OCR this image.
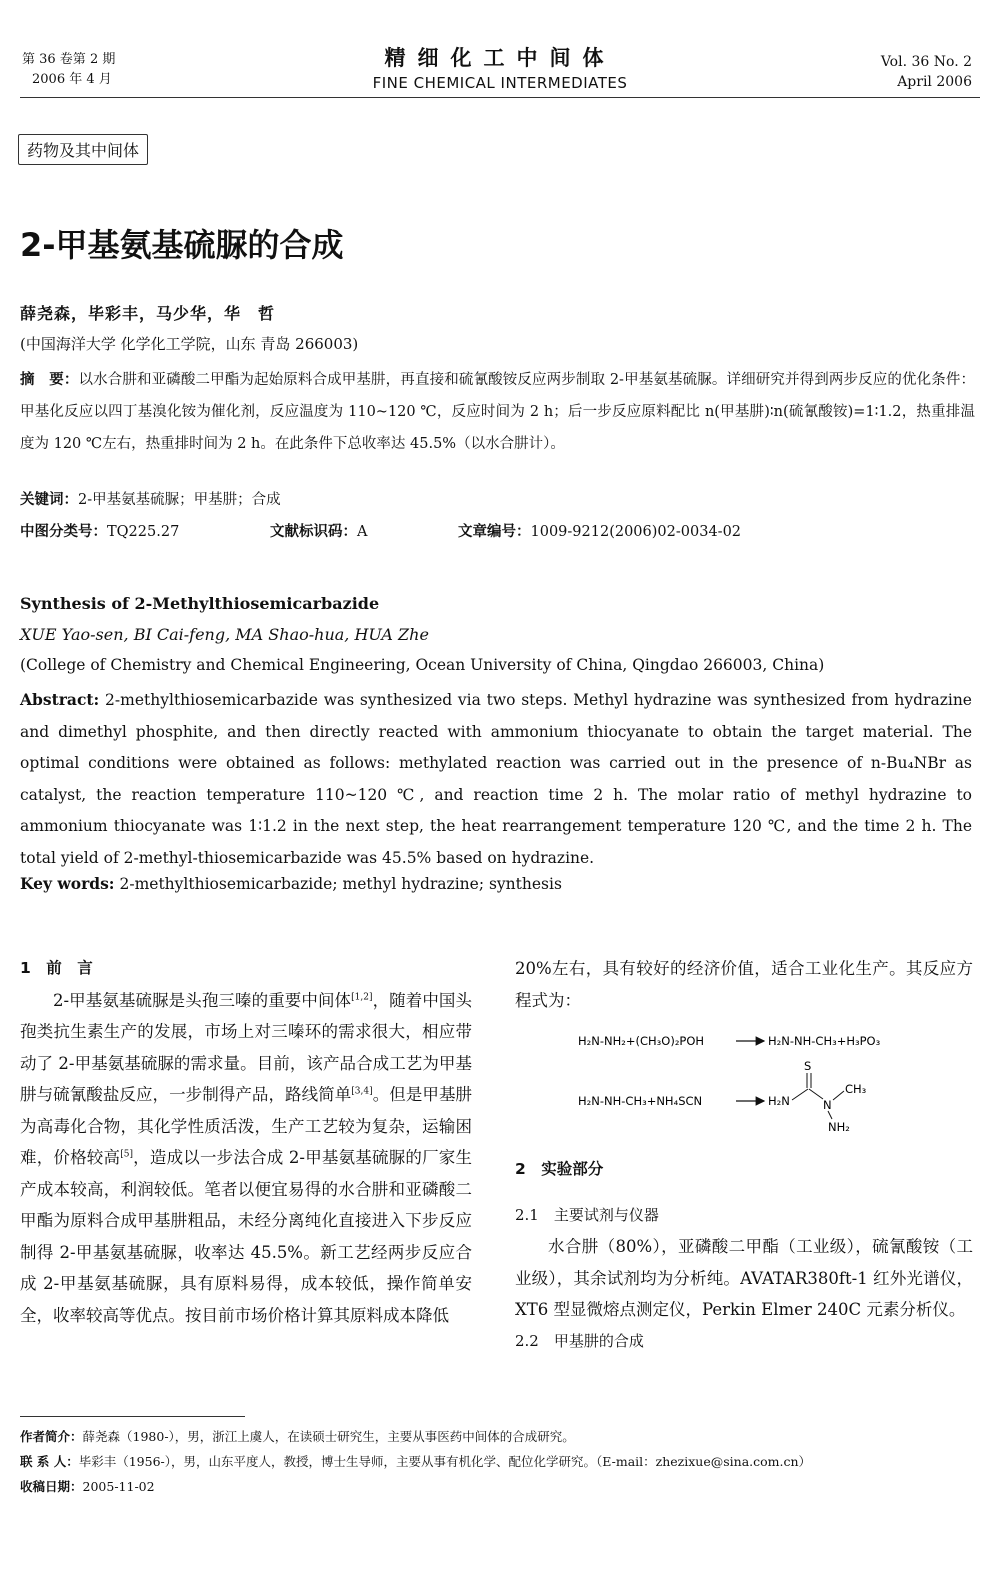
第 36 卷第 2 期
2006 年 4 月
精细化工中间体
FINE CHEMICAL INTERMEDIATES
Vol. 36 No. 2
April 2006
药物及其中间体
2-甲基氨基硫脲的合成
薛尧森，毕彩丰，马少华，华　哲
(中国海洋大学 化学化工学院，山东 青岛 266003)
摘　要：以水合肼和亚磷酸二甲酯为起始原料合成甲基肼，再直接和硫氰酸铵反应两步制取 2-甲基氨基硫脲。详细研究并得到两步反应的优化条件：甲基化反应以四丁基溴化铵为催化剂，反应温度为 110~120 ℃，反应时间为 2 h；后一步反应原料配比 n(甲基肼)∶n(硫氰酸铵)=1∶1.2，热重排温度为 120 ℃左右，热重排时间为 2 h。在此条件下总收率达 45.5%（以水合肼计）。
关键词：2-甲基氨基硫脲；甲基肼；合成
中图分类号：TQ225.27	文献标识码：A	文章编号：1009-9212(2006)02-0034-02
Synthesis of 2-Methylthiosemicarbazide
XUE Yao-sen, BI Cai-feng, MA Shao-hua, HUA Zhe
(College of Chemistry and Chemical Engineering, Ocean University of China, Qingdao 266003, China)
Abstract: 2-methylthiosemicarbazide was synthesized via two steps. Methyl hydrazine was synthesized from hydrazine and dimethyl phosphite, and then directly reacted with ammonium thiocyanate to obtain the target material. The optimal conditions were obtained as follows: methylated reaction was carried out in the presence of n-Bu₄NBr as catalyst, the reaction temperature 110~120 ℃, and reaction time 2 h. The molar ratio of methyl hydrazine to ammonium thiocyanate was 1∶1.2 in the next step, the heat rearrangement temperature 120 ℃, and the time 2 h. The total yield of 2-methyl-thiosemicarbazide was 45.5% based on hydrazine.
Key words: 2-methylthiosemicarbazide; methyl hydrazine; synthesis
1　前　言

2-甲基氨基硫脲是头孢三嗪的重要中间体[1,2]，随着中国头孢类抗生素生产的发展，市场上对三嗪环的需求很大，相应带动了 2-甲基氨基硫脲的需求量。目前，该产品合成工艺为甲基肼与硫氰酸盐反应，一步制得产品，路线简单[3,4]。但是甲基肼为高毒化合物，其化学性质活泼，生产工艺较为复杂，运输困难，价格较高[5]，造成以一步法合成 2-甲基氨基硫脲的厂家生产成本较高，利润较低。笔者以便宜易得的水合肼和亚磷酸二甲酯为原料合成甲基肼粗品，未经分离纯化直接进入下步反应制得 2-甲基氨基硫脲，收率达 45.5%。新工艺经两步反应合成 2-甲基氨基硫脲，具有原料易得，成本较低，操作简单安全，收率较高等优点。按目前市场价格计算其原料成本降低

20%左右，具有较好的经济价值，适合工业化生产。其反应方程式为：
H₂N-NH₂+(CH₃O)₂POH	H₂N-NH-CH₃+H₃PO₃
H₂N-NH-CH₃+NH₄SCN	H₂N
S
N
CH₃
NH₂
2　实验部分
2.1　主要试剂与仪器

水合肼（80%），亚磷酸二甲酯（工业级），硫氰酸铵（工业级），其余试剂均为分析纯。AVATAR380ft-1 红外光谱仪，XT6 型显微熔点测定仪，Perkin Elmer 240C 元素分析仪。

2.2　甲基肼的合成
作者简介：薛尧森（1980-），男，浙江上虞人，在读硕士研究生，主要从事医药中间体的合成研究。
联 系 人：毕彩丰（1956-），男，山东平度人，教授，博士生导师，主要从事有机化学、配位化学研究。（E-mail：zhezixue@sina.com.cn）
收稿日期：2005-11-02
